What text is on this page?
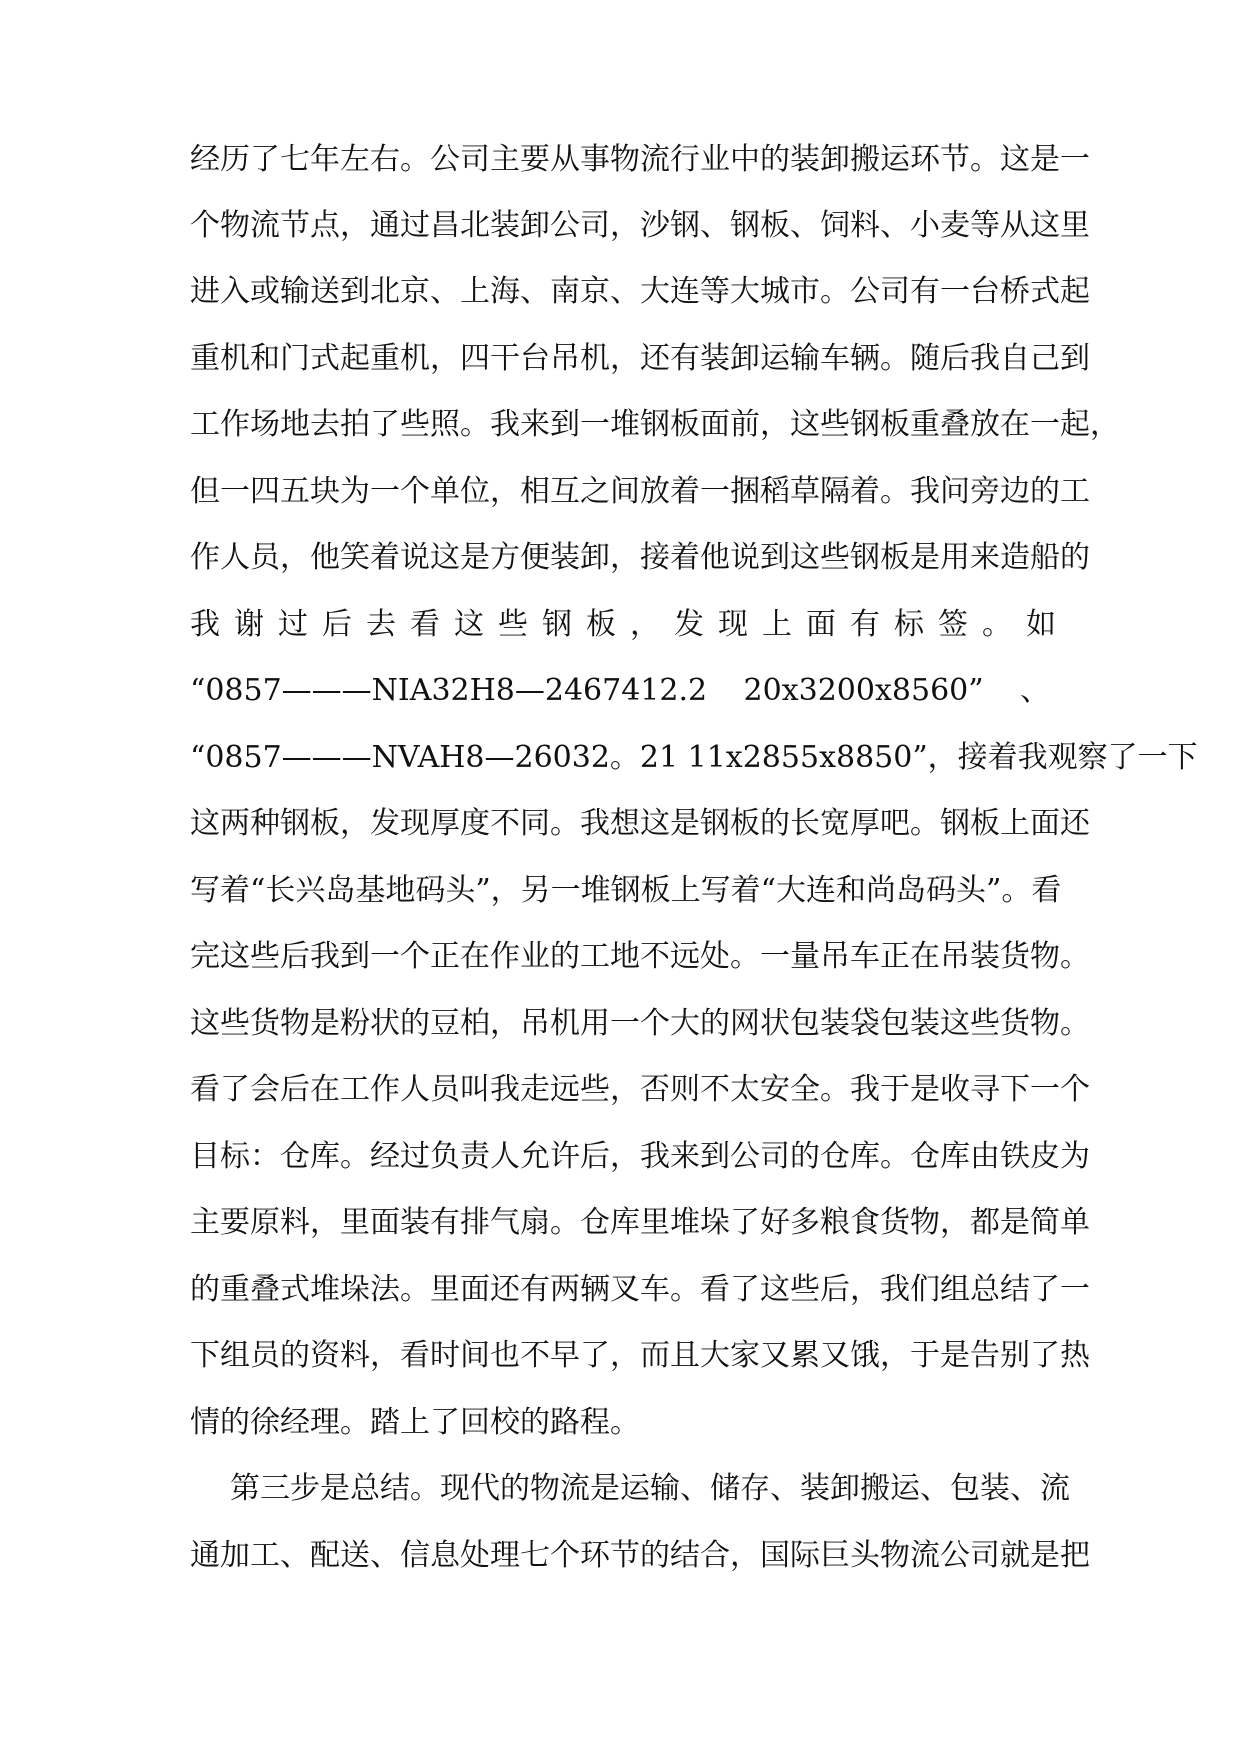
经历了七年左右。公司主要从事物流行业中的装卸搬运环节。这是一
个物流节点，通过昌北装卸公司，沙钢、钢板、饲料、小麦等从这里
进入或输送到北京、上海、南京、大连等大城市。公司有一台桥式起
重机和门式起重机，四干台吊机，还有装卸运输车辆。随后我自己到
工作场地去拍了些照。我来到一堆钢板面前，这些钢板重叠放在一起，
但一四五块为一个单位，相互之间放着一捆稻草隔着。我问旁边的工
作人员，他笑着说这是方便装卸，接着他说到这些钢板是用来造船的
我谢过后去看这些钢板，发现上面有标签。如
“0857———NIA32H8—2467412.2 20x3200x8560” 、
“0857———NVAH8—26032。21 11x2855x8850”，接着我观察了一下
这两种钢板，发现厚度不同。我想这是钢板的长宽厚吧。钢板上面还
写着“长兴岛基地码头”，另一堆钢板上写着“大连和尚岛码头”。看
完这些后我到一个正在作业的工地不远处。一量吊车正在吊装货物。
这些货物是粉状的豆柏，吊机用一个大的网状包装袋包装这些货物。
看了会后在工作人员叫我走远些，否则不太安全。我于是收寻下一个
目标：仓库。经过负责人允许后，我来到公司的仓库。仓库由铁皮为
主要原料，里面装有排气扇。仓库里堆垛了好多粮食货物，都是简单
的重叠式堆垛法。里面还有两辆叉车。看了这些后，我们组总结了一
下组员的资料，看时间也不早了，而且大家又累又饿，于是告别了热
情的徐经理。踏上了回校的路程。
第三步是总结。现代的物流是运输、储存、装卸搬运、包装、流
通加工、配送、信息处理七个环节的结合，国际巨头物流公司就是把
